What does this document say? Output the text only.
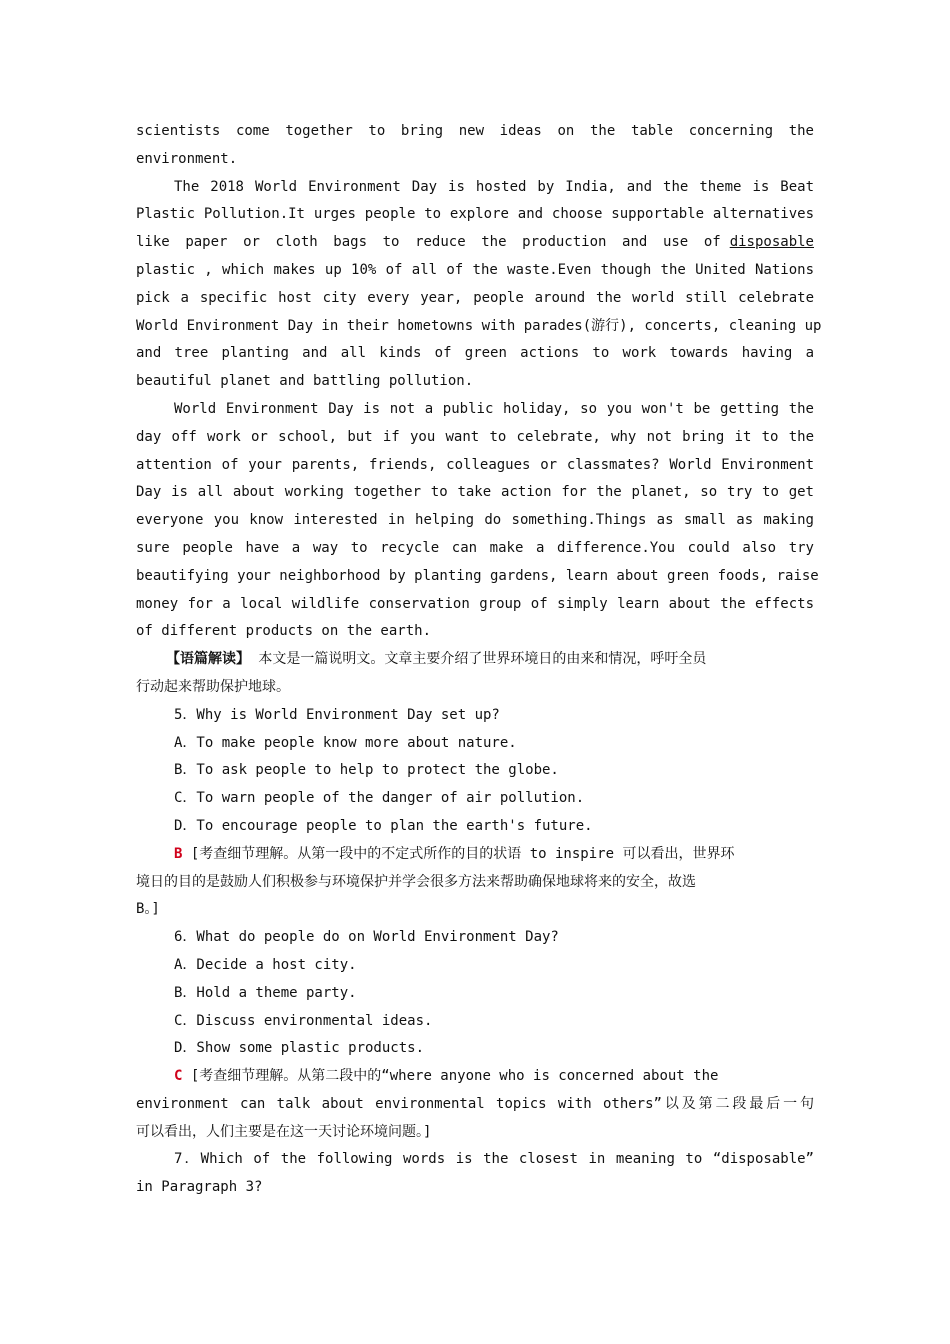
scientists come together to bring new ideas on the table concerning the
environment.
The 2018 World Environment Day is hosted by India, and the theme is Beat
Plastic Pollution.It urges people to explore and choose supportable alternatives
like paper or cloth bags to reduce the production and use of disposable
plastic , which makes up 10% of all of the waste.Even though the United Nations
pick a specific host city every year, people around the world still celebrate
World Environment Day in their hometowns with parades(游行), concerts, cleaning up
and tree planting and all kinds of green actions to work towards having a
beautiful planet and battling pollution.
World Environment Day is not a public holiday, so you won't be getting the
day off work or school, but if you want to celebrate, why not bring it to the
attention of your parents, friends, colleagues or classmates? World Environment
Day is all about working together to take action for the planet, so try to get
everyone you know interested in helping do something.Things as small as making
sure people have a way to recycle can make a difference.You could also try
beautifying your neighborhood by planting gardens, learn about green foods, raise
money for a local wildlife conservation group of simply learn about the effects
of different products on the earth.
【语篇解读】 本文是一篇说明文。文章主要介绍了世界环境日的由来和情况，呼吁全员
行动起来帮助保护地球。
5．Why is World Environment Day set up?
A．To make people know more about nature.
B．To ask people to help to protect the globe.
C．To warn people of the danger of air pollution.
D．To encourage people to plan the earth's future.
B [考查细节理解。从第一段中的不定式所作的目的状语 to inspire 可以看出，世界环
境日的目的是鼓励人们积极参与环境保护并学会很多方法来帮助确保地球将来的安全，故选
B。]
6．What do people do on World Environment Day?
A．Decide a host city.
B．Hold a theme party.
C．Discuss environmental ideas.
D．Show some plastic products.
C [考查细节理解。从第二段中的“where anyone who is concerned about the
environment can talk about environmental topics with others”以及第二段最后一句
可以看出，人们主要是在这一天讨论环境问题。]
7．Which of the following words is the closest in meaning to “disposable”
in Paragraph 3?
